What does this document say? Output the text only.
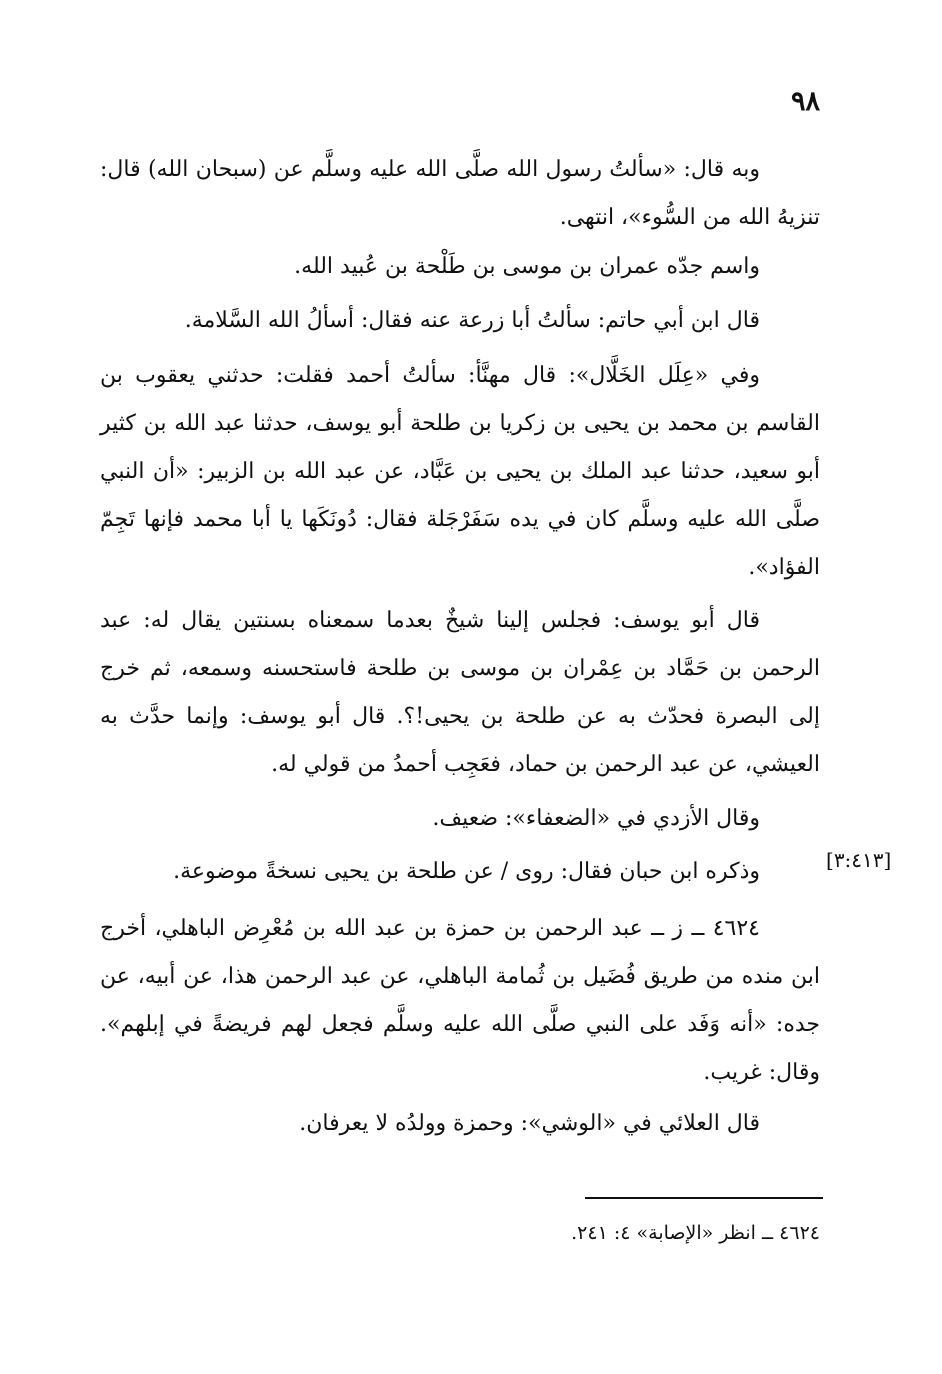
٩٨

وبه قال: «سألتُ رسول الله صلَّى الله عليه وسلَّم عن (سبحان الله) قال: تنزيهُ الله من السُّوء»، انتهى.

واسم جدّه عمران بن موسى بن طَلْحة بن عُبيد الله.

قال ابن أبي حاتم: سألتُ أبا زرعة عنه فقال: أسألُ الله السَّلامة.

وفي «عِلَل الخَلَّال»: قال مهنَّأ: سألتُ أحمد فقلت: حدثني يعقوب بن القاسم بن محمد بن يحيى بن زكريا بن طلحة أبو يوسف، حدثنا عبد الله بن كثير أبو سعيد، حدثنا عبد الملك بن يحيى بن عَبَّاد، عن عبد الله بن الزبير: «أن النبي صلَّى الله عليه وسلَّم كان في يده سَفَرْجَلة فقال: دُونَكَها يا أبا محمد فإنها تَجِمّ الفؤاد».

قال أبو يوسف: فجلس إلينا شيخٌ بعدما سمعناه بسنتين يقال له: عبد الرحمن بن حَمَّاد بن عِمْران بن موسى بن طلحة فاستحسنه وسمعه، ثم خرج إلى البصرة فحدّث به عن طلحة بن يحيى!؟. قال أبو يوسف: وإنما حدَّث به العيشي، عن عبد الرحمن بن حماد، فعَجِب أحمدُ من قولي له.

وقال الأزدي في «الضعفاء»: ضعيف.

وذكره ابن حبان فقال: روى / عن طلحة بن يحيى نسخةً موضوعة.	[٣:٤١٣]

٤٦٢٤ ــ ز ــ عبد الرحمن بن حمزة بن عبد الله بن مُعْرِض الباهلي، أخرج ابن منده من طريق فُضَيل بن ثُمامة الباهلي، عن عبد الرحمن هذا، عن أبيه، عن جده: «أنه وَفَد على النبي صلَّى الله عليه وسلَّم فجعل لهم فريضةً في إبلهم». وقال: غريب.

قال العلائي في «الوشي»: وحمزة وولدُه لا يعرفان.

٤٦٢٤ ــ انظر «الإصابة» ٤: ٢٤١.
